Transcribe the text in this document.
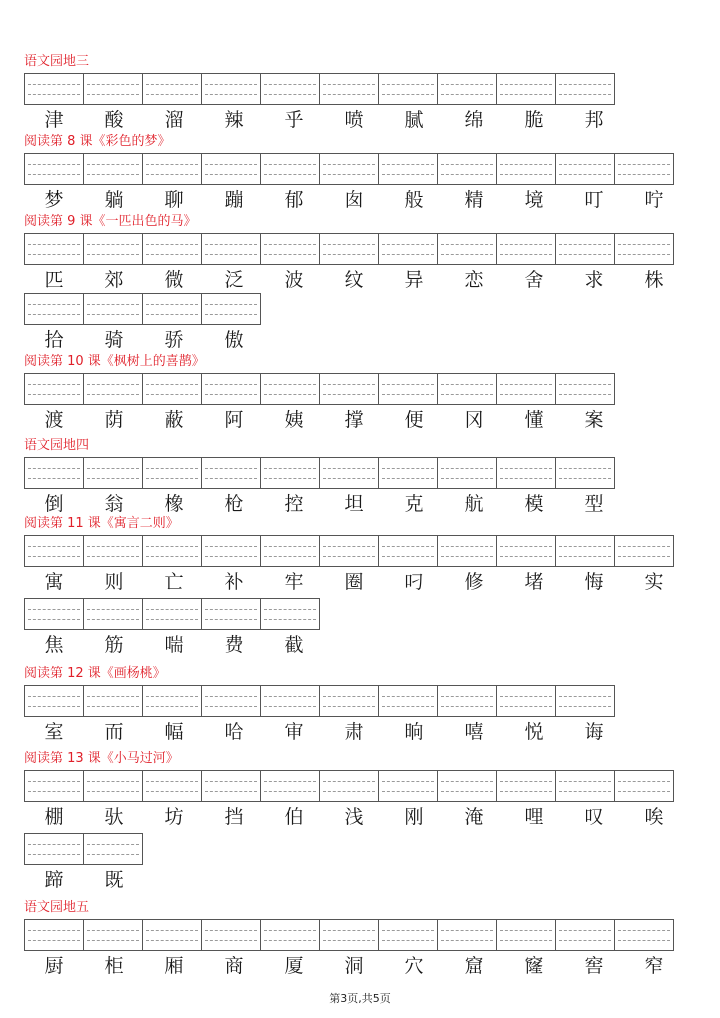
语文园地三
津	酸	溜	辣	乎	喷	腻	绵	脆	邦
阅读第 8 课《彩色的梦》
梦	躺	聊	蹦	郁	囱	般	精	境	叮	咛
阅读第 9 课《一匹出色的马》
匹	郊	微	泛	波	纹	异	恋	舍	求	株
拾	骑	骄	傲
阅读第 10 课《枫树上的喜鹊》
渡	荫	蔽	阿	姨	撑	便	冈	懂	案
语文园地四
倒	翁	橡	枪	控	坦	克	航	模	型
阅读第 11 课《寓言二则》
寓	则	亡	补	牢	圈	叼	修	堵	悔	实
焦	筋	喘	费	截
阅读第 12 课《画杨桃》
室	而	幅	哈	审	肃	晌	嘻	悦	诲
阅读第 13 课《小马过河》
棚	驮	坊	挡	伯	浅	刚	淹	哩	叹	唉
蹄	既
语文园地五
厨	柜	厢	商	厦	洞	穴	窟	窿	窖	窄
第3页,共5页
